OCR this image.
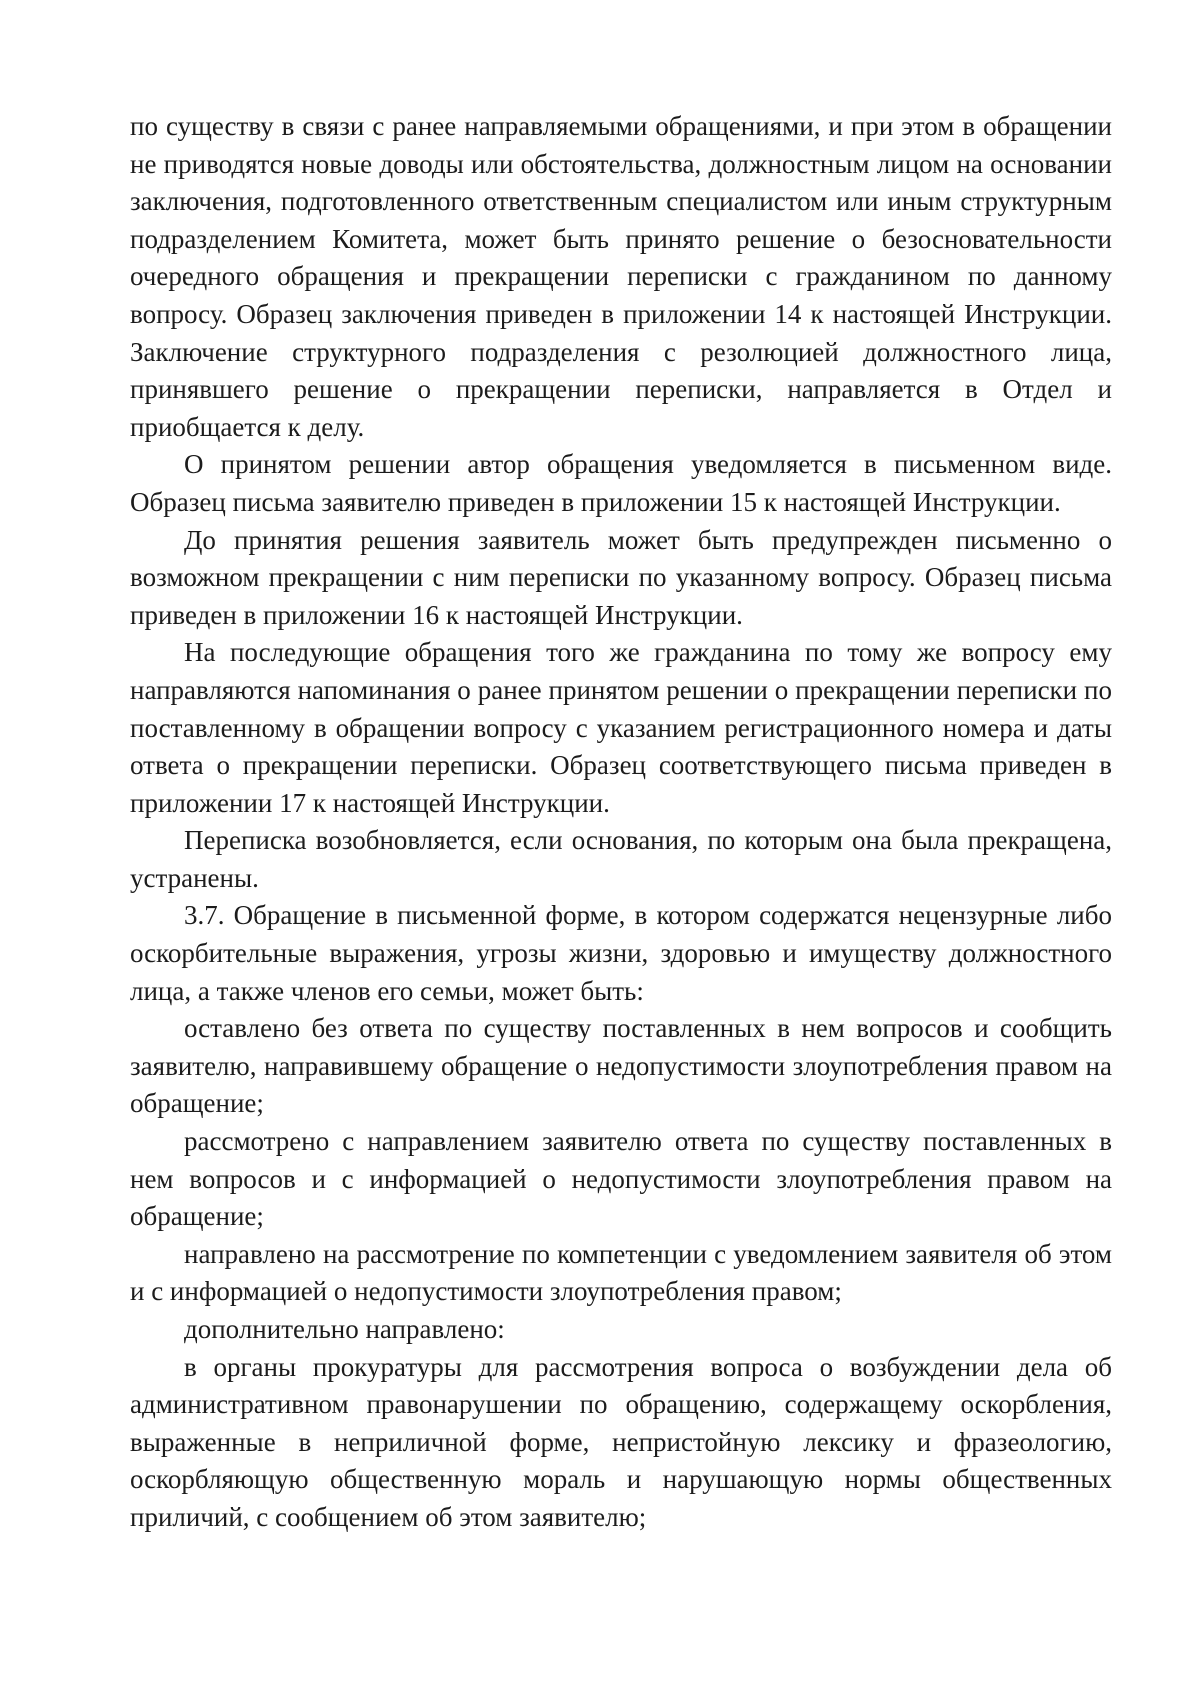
по существу в связи с ранее направляемыми обращениями, и при этом в обращении не приводятся новые доводы или обстоятельства, должностным лицом на основании заключения, подготовленного ответственным специалистом или иным структурным подразделением Комитета, может быть принято решение о безосновательности очередного обращения и прекращении переписки с гражданином по данному вопросу. Образец заключения приведен в приложении 14 к настоящей Инструкции. Заключение структурного подразделения с резолюцией должностного лица, принявшего решение о прекращении переписки, направляется в Отдел и приобщается к делу.

О принятом решении автор обращения уведомляется в письменном виде. Образец письма заявителю приведен в приложении 15 к настоящей Инструкции.

До принятия решения заявитель может быть предупрежден письменно о возможном прекращении с ним переписки по указанному вопросу. Образец письма приведен в приложении 16 к настоящей Инструкции.

На последующие обращения того же гражданина по тому же вопросу ему направляются напоминания о ранее принятом решении о прекращении переписки по поставленному в обращении вопросу с указанием регистрационного номера и даты ответа о прекращении переписки. Образец соответствующего письма приведен в приложении 17 к настоящей Инструкции.

Переписка возобновляется, если основания, по которым она была прекращена, устранены.

3.7. Обращение в письменной форме, в котором содержатся нецензурные либо оскорбительные выражения, угрозы жизни, здоровью и имуществу должностного лица, а также членов его семьи, может быть:

оставлено без ответа по существу поставленных в нем вопросов и сообщить заявителю, направившему обращение о недопустимости злоупотребления правом на обращение;

рассмотрено с направлением заявителю ответа по существу поставленных в нем вопросов и с информацией о недопустимости злоупотребления правом на обращение;

направлено на рассмотрение по компетенции с уведомлением заявителя об этом и с информацией о недопустимости злоупотребления правом;

дополнительно направлено:

в органы прокуратуры для рассмотрения вопроса о возбуждении дела об административном правонарушении по обращению, содержащему оскорбления, выраженные в неприличной форме, непристойную лексику и фразеологию, оскорбляющую общественную мораль и нарушающую нормы общественных приличий, с сообщением об этом заявителю;
